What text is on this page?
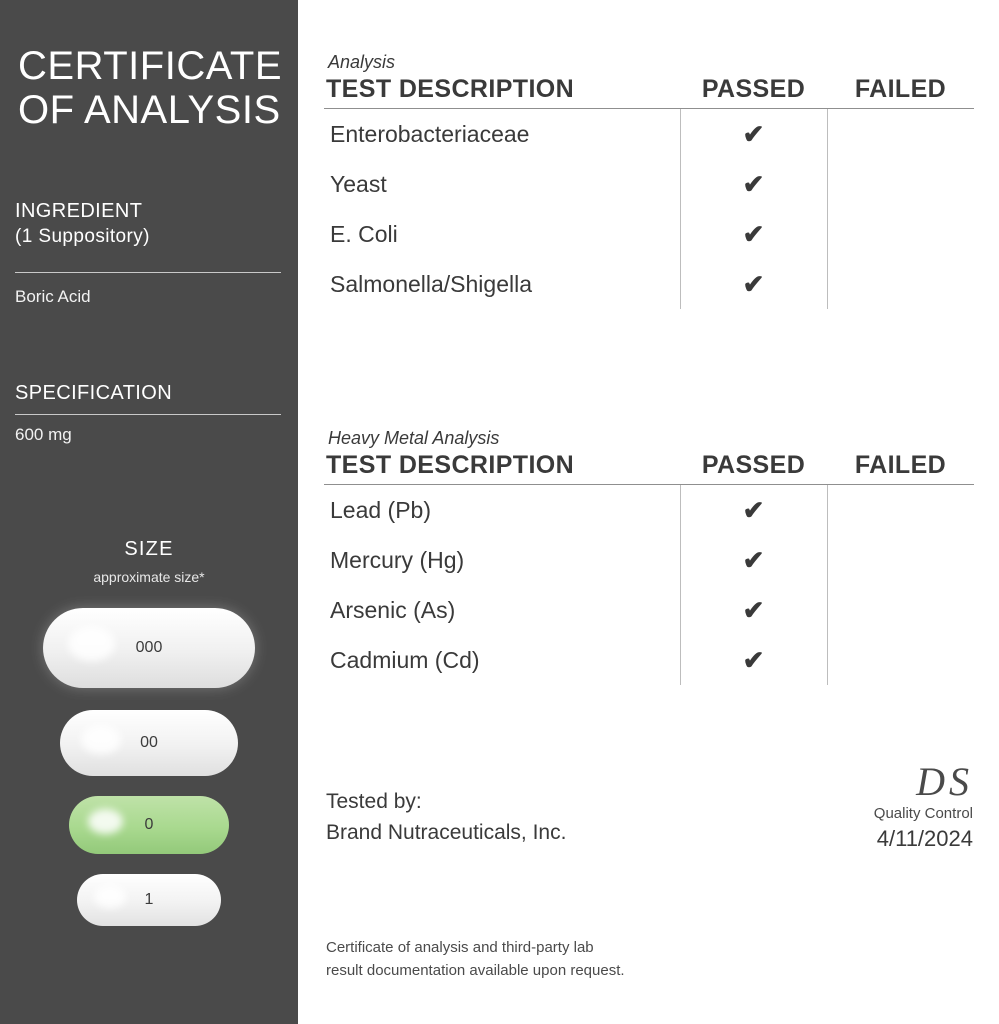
CERTIFICATE
OF ANALYSIS
INGREDIENT
(1 Suppository)
Boric Acid
SPECIFICATION
600 mg
SIZE
approximate size*
000
00
0
1
Analysis
TEST DESCRIPTION	PASSED	FAILED
Enterobacteriaceae	✔
Yeast	✔
E. Coli	✔
Salmonella/Shigella	✔
Heavy Metal Analysis
TEST DESCRIPTION	PASSED	FAILED
Lead (Pb)	✔
Mercury (Hg)	✔
Arsenic (As)	✔
Cadmium (Cd)	✔
Tested by:
Brand Nutraceuticals, Inc.
DS
Quality Control
4/11/2024
Certificate of analysis and third-party lab
result documentation available upon request.
